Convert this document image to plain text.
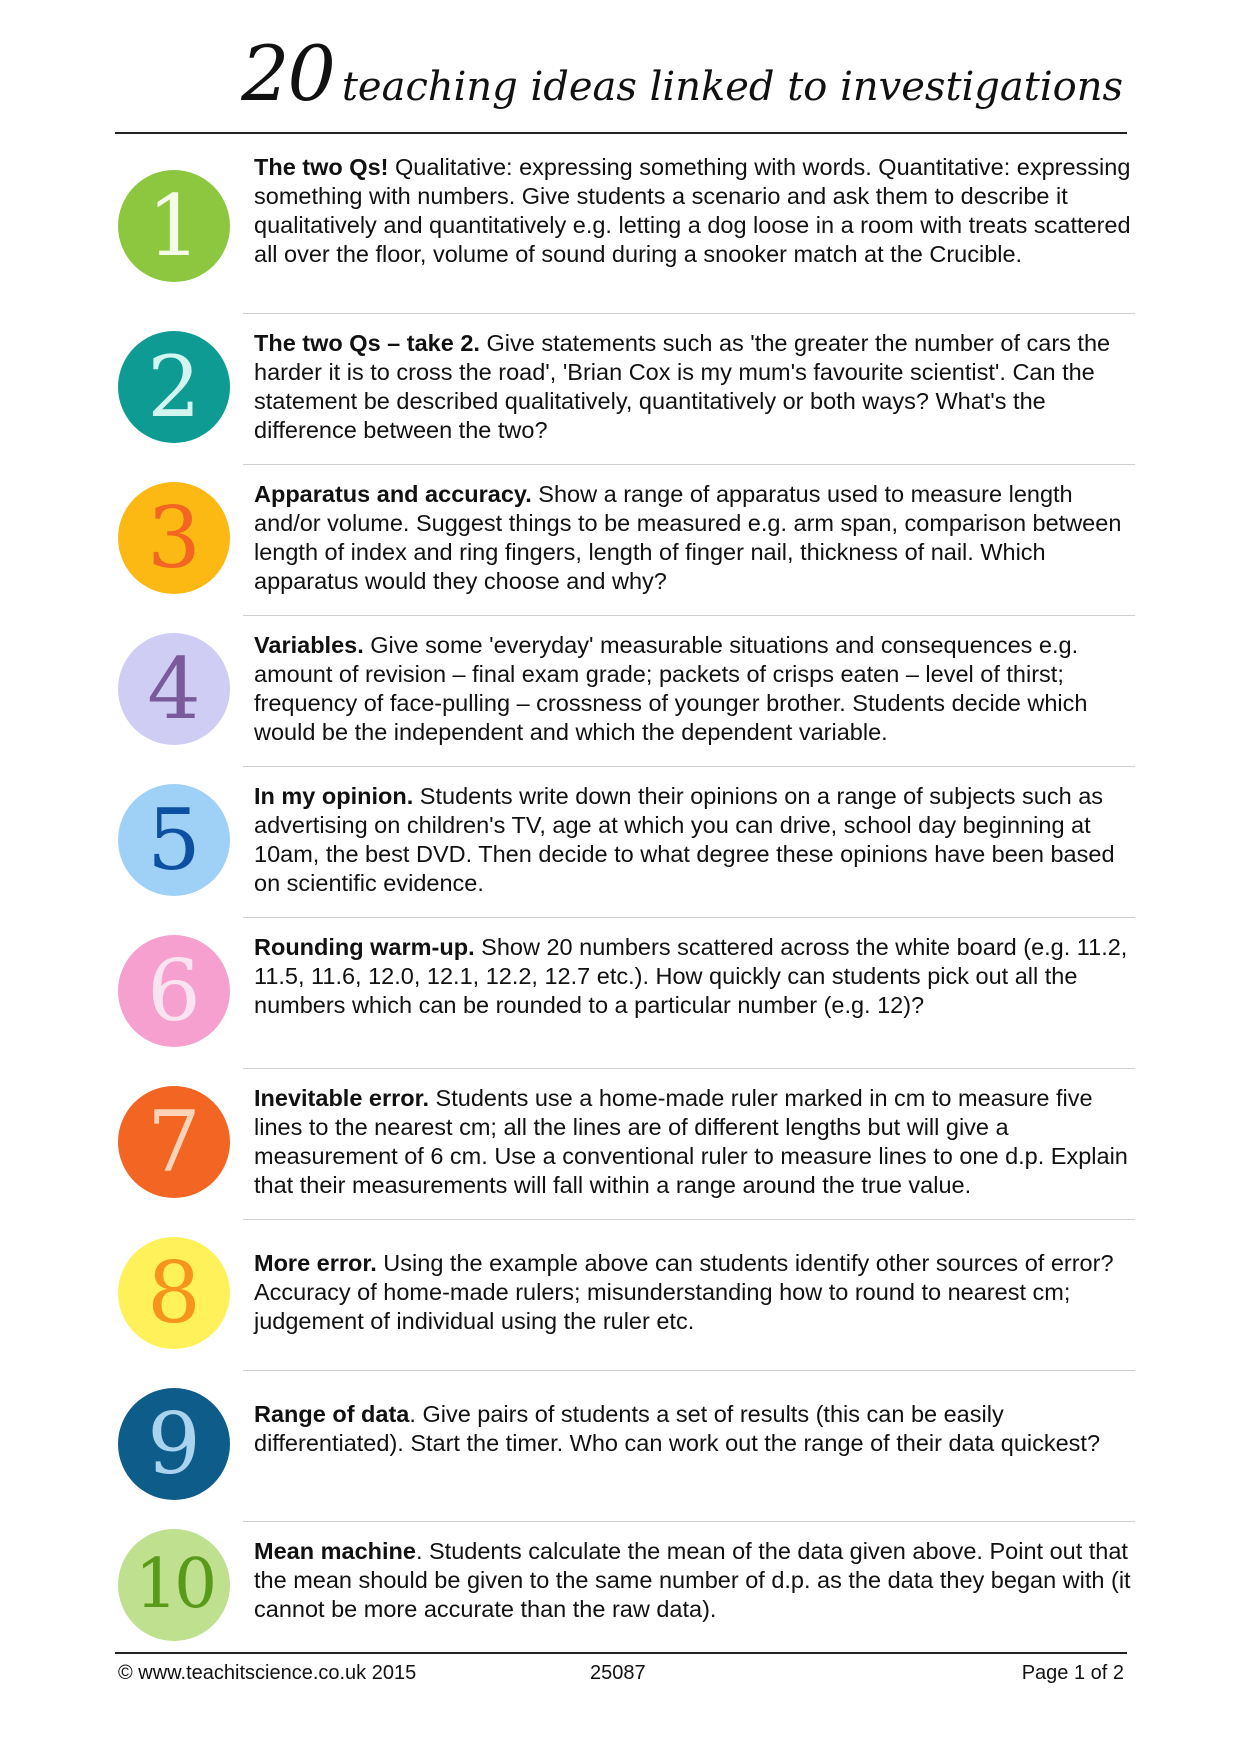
20 teaching ideas linked to investigations
1
The two Qs! Qualitative: expressing something with words. Quantitative: expressing something with numbers. Give students a scenario and ask them to describe it qualitatively and quantitatively e.g. letting a dog loose in a room with treats scattered all over the floor, volume of sound during a snooker match at the Crucible.
2	The two Qs – take 2. Give statements such as 'the greater the number of cars the harder it is to cross the road', 'Brian Cox is my mum's favourite scientist'. Can the statement be described qualitatively, quantitatively or both ways? What's the difference between the two?
3	Apparatus and accuracy. Show a range of apparatus used to measure length and/or volume. Suggest things to be measured e.g. arm span, comparison between length of index and ring fingers, length of finger nail, thickness of nail. Which apparatus would they choose and why?
4	Variables. Give some 'everyday' measurable situations and consequences e.g. amount of revision – final exam grade; packets of crisps eaten – level of thirst; frequency of face-pulling – crossness of younger brother. Students decide which would be the independent and which the dependent variable.
5	In my opinion. Students write down their opinions on a range of subjects such as advertising on children's TV, age at which you can drive, school day beginning at 10am, the best DVD. Then decide to what degree these opinions have been based on scientific evidence.
6	Rounding warm-up. Show 20 numbers scattered across the white board (e.g. 11.2, 11.5, 11.6, 12.0, 12.1, 12.2, 12.7 etc.). How quickly can students pick out all the numbers which can be rounded to a particular number (e.g. 12)?
7	Inevitable error. Students use a home-made ruler marked in cm to measure five lines to the nearest cm; all the lines are of different lengths but will give a measurement of 6 cm. Use a conventional ruler to measure lines to one d.p. Explain that their measurements will fall within a range around the true value.
8	More error. Using the example above can students identify other sources of error? Accuracy of home-made rulers; misunderstanding how to round to nearest cm; judgement of individual using the ruler etc.
9	Range of data. Give pairs of students a set of results (this can be easily differentiated). Start the timer. Who can work out the range of their data quickest?
10	Mean machine. Students calculate the mean of the data given above. Point out that the mean should be given to the same number of d.p. as the data they began with (it cannot be more accurate than the raw data).
© www.teachitscience.co.uk 2015	25087	Page 1 of 2
